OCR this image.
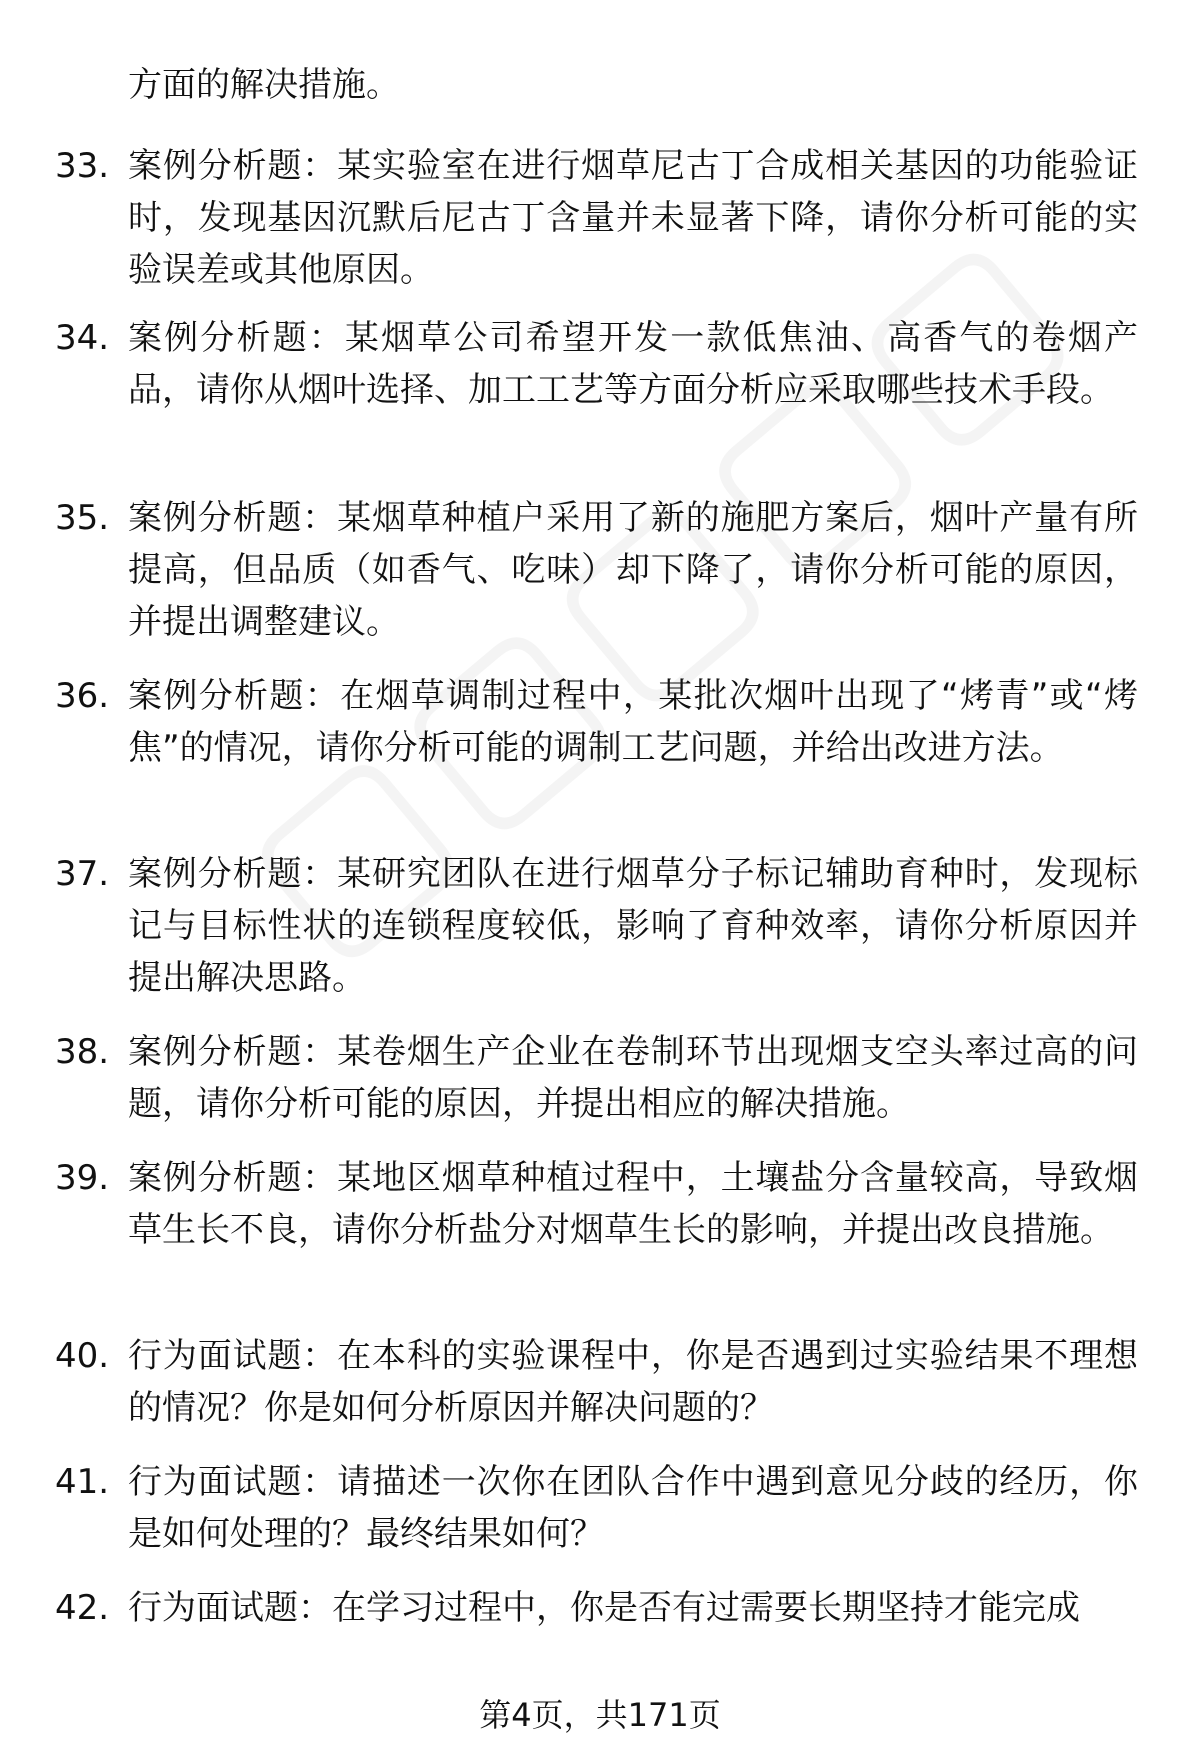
方面的解决措施。

33. 案例分析题：某实验室在进行烟草尼古丁合成相关基因的功能验证时，发现基因沉默后尼古丁含量并未显著下降，请你分析可能的实验误差或其他原因。
34. 案例分析题：某烟草公司希望开发一款低焦油、高香气的卷烟产品，请你从烟叶选择、加工工艺等方面分析应采取哪些技术手段。
35. 案例分析题：某烟草种植户采用了新的施肥方案后，烟叶产量有所提高，但品质（如香气、吃味）却下降了，请你分析可能的原因，并提出调整建议。
36. 案例分析题：在烟草调制过程中，某批次烟叶出现了“烤青”或“烤焦”的情况，请你分析可能的调制工艺问题，并给出改进方法。
37. 案例分析题：某研究团队在进行烟草分子标记辅助育种时，发现标记与目标性状的连锁程度较低，影响了育种效率，请你分析原因并提出解决思路。
38. 案例分析题：某卷烟生产企业在卷制环节出现烟支空头率过高的问题，请你分析可能的原因，并提出相应的解决措施。
39. 案例分析题：某地区烟草种植过程中，土壤盐分含量较高，导致烟草生长不良，请你分析盐分对烟草生长的影响，并提出改良措施。
40. 行为面试题：在本科的实验课程中，你是否遇到过实验结果不理想的情况？你是如何分析原因并解决问题的？
41. 行为面试题：请描述一次你在团队合作中遇到意见分歧的经历，你是如何处理的？最终结果如何？
42. 行为面试题：在学习过程中，你是否有过需要长期坚持才能完成
第4页，共171页
